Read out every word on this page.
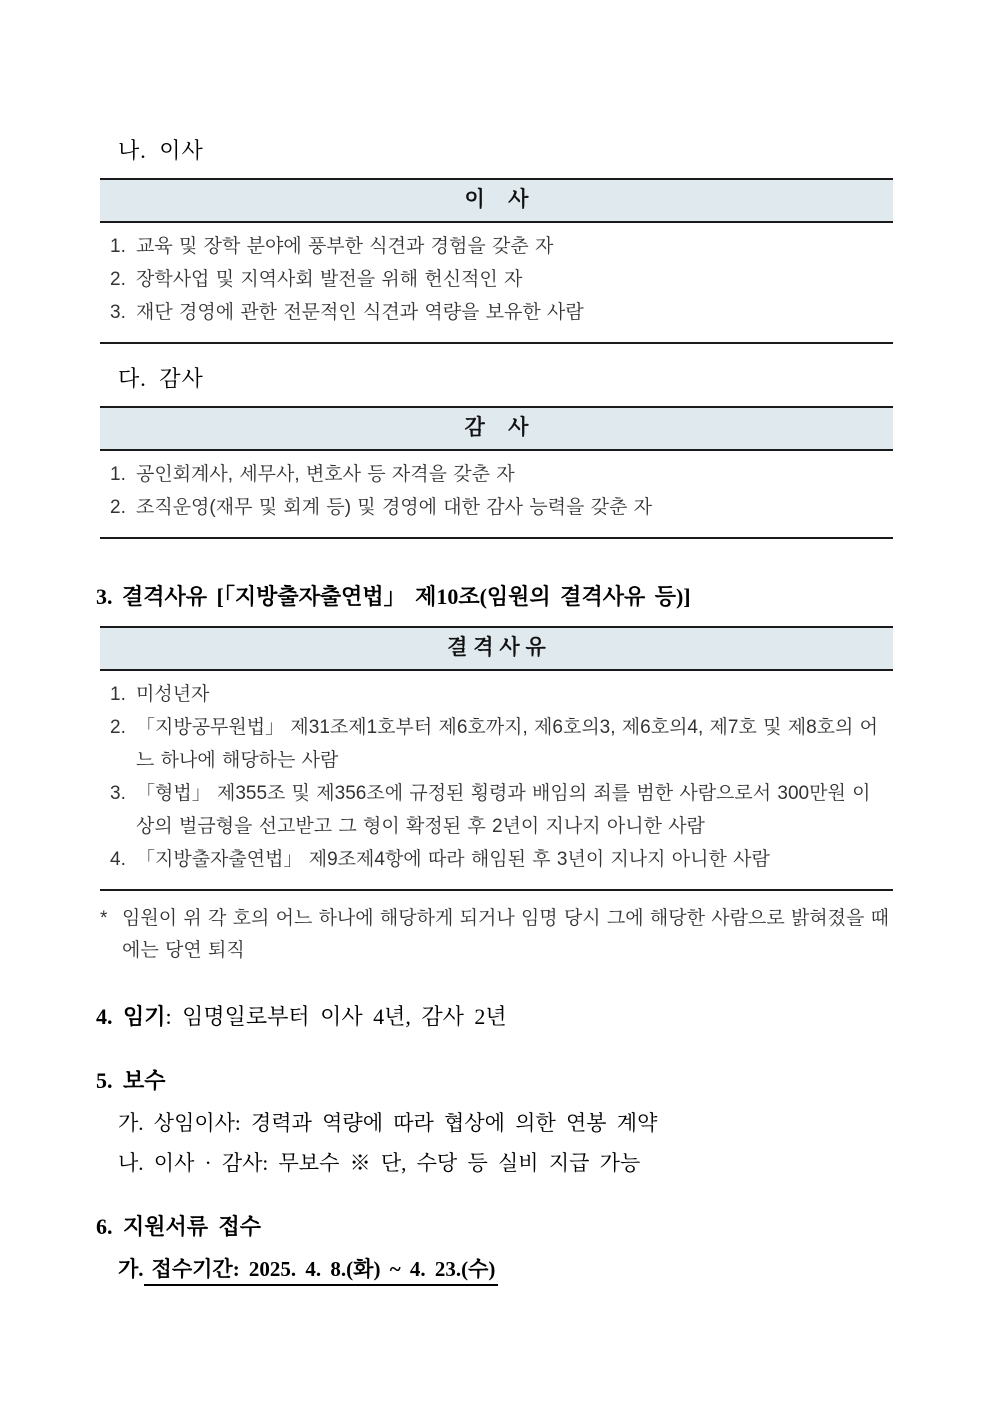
나. 이사
이    사
1. 교육 및 장학 분야에 풍부한 식견과 경험을 갖춘 자
2. 장학사업 및 지역사회 발전을 위해 헌신적인 자
3. 재단 경영에 관한 전문적인 식견과 역량을 보유한 사람
다. 감사
감    사
1. 공인회계사, 세무사, 변호사 등 자격을 갖춘 자
2. 조직운영(재무 및 회계 등) 및 경영에 대한 감사 능력을 갖춘 자
3. 결격사유 [「지방출자출연법」 제10조(임원의 결격사유 등)]
결 격 사 유
1. 미성년자
2. 「지방공무원법」 제31조제1호부터 제6호까지, 제6호의3, 제6호의4, 제7호 및 제8호의 어느 하나에 해당하는 사람
3. 「형법」 제355조 및 제356조에 규정된 횡령과 배임의 죄를 범한 사람으로서 300만원 이상의 벌금형을 선고받고 그 형이 확정된 후 2년이 지나지 아니한 사람
4. 「지방출자출연법」 제9조제4항에 따라 해임된 후 3년이 지나지 아니한 사람
* 임원이 위 각 호의 어느 하나에 해당하게 되거나 임명 당시 그에 해당한 사람으로 밝혀졌을 때에는 당연 퇴직
4. 임기: 임명일로부터 이사 4년, 감사 2년
5. 보수
가. 상임이사: 경력과 역량에 따라 협상에 의한 연봉 계약
나. 이사 · 감사: 무보수 ※ 단, 수당 등 실비 지급 가능
6. 지원서류 접수
가. 접수기간: 2025. 4. 8.(화) ~ 4. 23.(수)
